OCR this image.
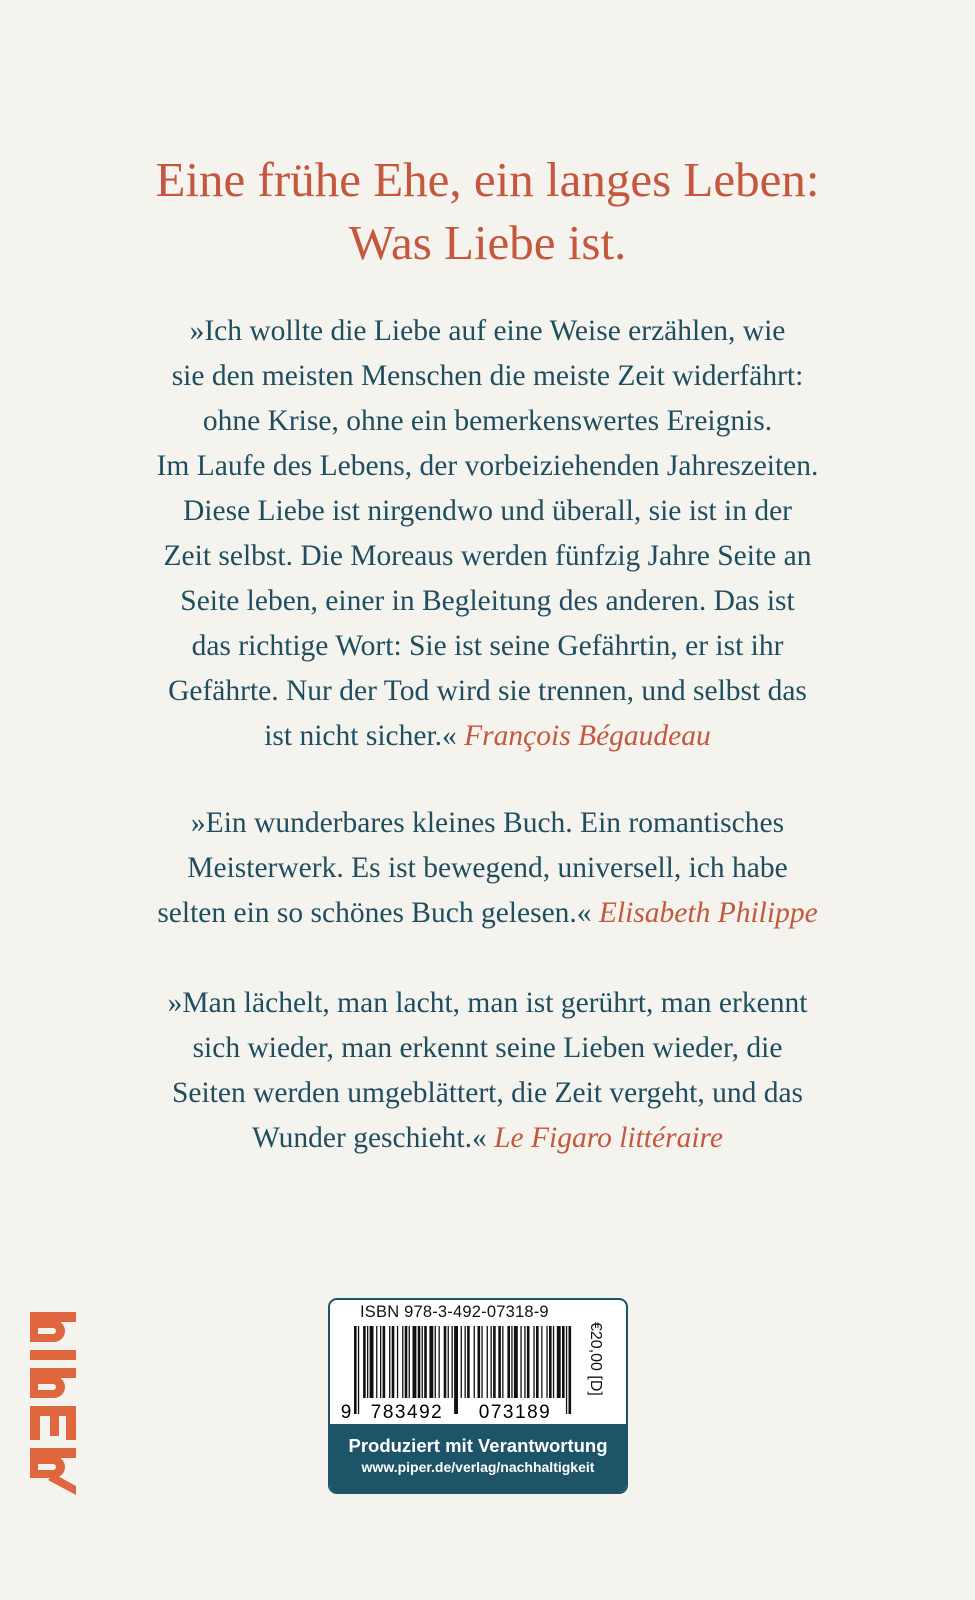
Eine frühe Ehe, ein langes Leben:
Was Liebe ist.
»Ich wollte die Liebe auf eine Weise erzählen, wie
sie den meisten Menschen die meiste Zeit widerfährt:
ohne Krise, ohne ein bemerkenswertes Ereignis.
Im Laufe des Lebens, der vorbeiziehenden Jahreszeiten.
Diese Liebe ist nirgendwo und überall, sie ist in der
Zeit selbst. Die Moreaus werden fünfzig Jahre Seite an
Seite leben, einer in Begleitung des anderen. Das ist
das richtige Wort: Sie ist seine Gefährtin, er ist ihr
Gefährte. Nur der Tod wird sie trennen, und selbst das
ist nicht sicher.« François Bégaudeau
»Ein wunderbares kleines Buch. Ein romantisches
Meisterwerk. Es ist bewegend, universell, ich habe
selten ein so schönes Buch gelesen.« Elisabeth Philippe
»Man lächelt, man lacht, man ist gerührt, man erkennt
sich wieder, man erkennt seine Lieben wieder, die
Seiten werden umgeblättert, die Zeit vergeht, und das
Wunder geschieht.« Le Figaro littéraire
ISBN 978-3-492-07318-9
9 783492 073189
€20,00 [D]
Produziert mit Verantwortung
www.piper.de/verlag/nachhaltigkeit
